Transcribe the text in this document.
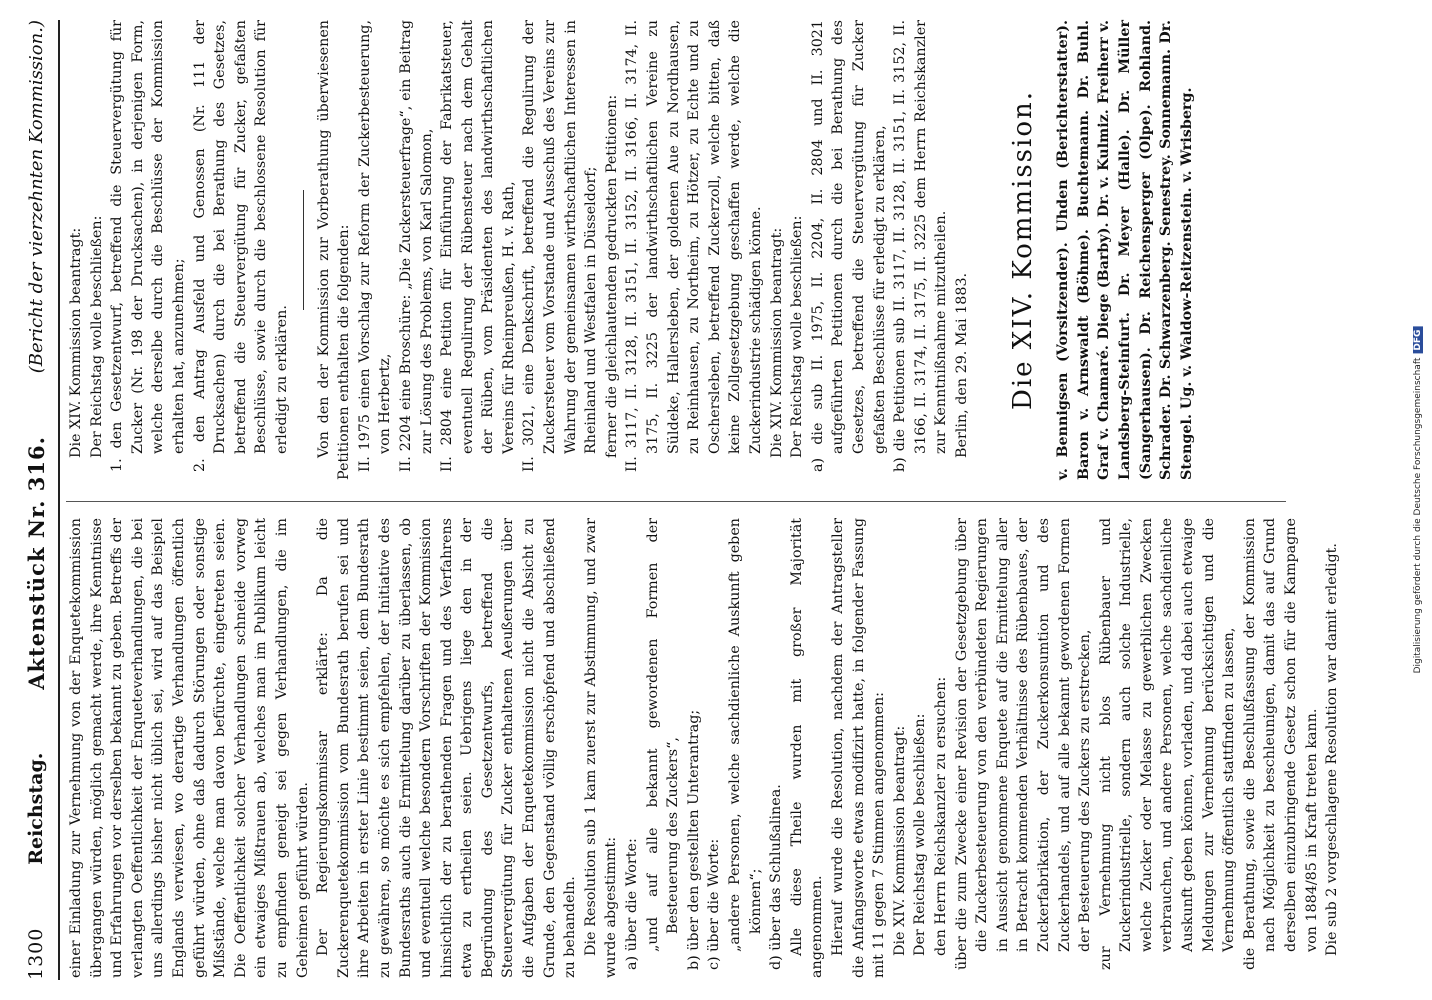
1300
Reichstag.
Aktenstück Nr. 316.
(Bericht der vierzehnten Kommission.)

einer Einladung zur Vernehmung von der Enquetekommission übergangen würden, möglich gemacht werde, ihre Kenntnisse und Erfahrungen vor derselben bekannt zu geben. Betreffs der verlangten Oeffentlichkeit der Enqueteverhandlungen, die bei uns allerdings bisher nicht üblich sei, wird auf das Beispiel Englands verwiesen, wo derartige Verhandlungen öffentlich geführt würden, ohne daß dadurch Störungen oder sonstige Mißstände, welche man davon befürchte, eingetreten seien. Die Oeffentlichkeit solcher Verhandlungen schneide vorweg ein etwaiges Mißtrauen ab, welches man im Publikum leicht zu empfinden geneigt sei gegen Verhandlungen, die im Geheimen geführt würden. Der Regierungskommissar erklärte: Da die Zuckerenquetekommission vom Bundesrath berufen sei und ihre Arbeiten in erster Linie bestimmt seien, dem Bundesrath zu gewähren, so möchte es sich empfehlen, der Initiative des Bundesraths auch die Ermittelung darüber zu überlassen, ob und eventuell welche besondern Vorschriften der Kommission hinsichtlich der zu berathenden Fragen und des Verfahrens etwa zu ertheilen seien. Uebrigens liege den in der Begründung des Gesetzentwurfs, betreffend die Steuervergütung für Zucker enthaltenen Aeußerungen über die Aufgaben der Enquetekommission nicht die Absicht zu Grunde, den Gegenstand völlig erschöpfend und abschließend zu behandeln. Die Resolution sub 1 kam zuerst zur Abstimmung, und zwar wurde abgestimmt: a) über die Worte: „und auf alle bekannt gewordenen Formen der Besteuerung des Zuckers“, b) über den gestellten Unterantrag; c) über die Worte: „andere Personen, welche sachdienliche Auskunft geben können“; d) über das Schlußalinea. Alle diese Theile wurden mit großer Majorität angenommen. Hierauf wurde die Resolution, nachdem der Antragsteller die Anfangsworte etwas modifizirt hatte, in folgender Fassung mit 11 gegen 7 Stimmen angenommen: Die XIV. Kommission beantragt: Der Reichstag wolle beschließen: den Herrn Reichskanzler zu ersuchen: über die zum Zwecke einer Revision der Gesetzgebung über die Zuckerbesteuerung von den verbündeten Regierungen in Aussicht genommene Enquete auf die Ermittelung aller in Betracht kommenden Verhältnisse des Rübenbaues, der Zuckerfabrikation, der Zuckerkonsumtion und des Zuckerhandels, und auf alle bekannt gewordenen Formen der Besteuerung des Zuckers zu erstrecken, zur Vernehmung nicht blos Rübenbauer und Zuckerindustrielle, sondern auch solche Industrielle, welche Zucker oder Melasse zu gewerblichen Zwecken verbrauchen, und andere Personen, welche sachdienliche Auskunft geben können, vorladen, und dabei auch etwaige Meldungen zur Vernehmung berücksichtigen und die Vernehmung öffentlich stattfinden zu lassen, die Berathung, sowie die Beschlußfassung der Kommission nach Möglichkeit zu beschleunigen, damit das auf Grund derselben einzubringende Gesetz schon für die Kampagne von 1884/85 in Kraft treten kann. Die sub 2 vorgeschlagene Resolution war damit erledigt.

Die XIV. Kommission beantragt: Der Reichstag wolle beschließen: 1. den Gesetzentwurf, betreffend die Steuervergütung für Zucker (Nr. 198 der Drucksachen), in derjenigen Form, welche derselbe durch die Beschlüsse der Kommission erhalten hat, anzunehmen; 2. den Antrag Ausfeld und Genossen (Nr. 111 der Drucksachen) durch die bei Berathung des Gesetzes, betreffend die Steuervergütung für Zucker, gefaßten Beschlüsse, sowie durch die beschlossene Resolution für erledigt zu erklären. Von den der Kommission zur Vorberathung überwiesenen Petitionen enthalten die folgenden: II. 1975 einen Vorschlag zur Reform der Zuckerbesteuerung, von Herbertz, II. 2204 eine Broschüre: „Die Zuckersteuerfrage“, ein Beitrag zur Lösung des Problems, von Karl Salomon, II. 2804 eine Petition für Einführung der Fabrikatsteuer, eventuell Regulirung der Rübensteuer nach dem Gehalt der Rüben, vom Präsidenten des landwirthschaftlichen Vereins für Rheinpreußen, H. v. Rath, II. 3021, eine Denkschrift, betreffend die Regulirung der Zuckersteuer vom Vorstande und Ausschuß des Vereins zur Wahrung der gemeinsamen wirthschaftlichen Interessen in Rheinland und Westfalen in Düsseldorf; ferner die gleichlautenden gedruckten Petitionen: II. 3117, II. 3128, II. 3151, II. 3152, II. 3166, II. 3174, II. 3175, II. 3225 der landwirthschaftlichen Vereine zu Süldeke, Hallersleben, der goldenen Aue zu Nordhausen, zu Reinhausen, zu Northeim, zu Hötzer, zu Echte und zu Oschersleben, betreffend Zuckerzoll, welche bitten, daß keine Zollgesetzgebung geschaffen werde, welche die Zuckerindustrie schädigen könne. Die XIV. Kommission beantragt: Der Reichstag wolle beschließen: a) die sub II. 1975, II. 2204, II. 2804 und II. 3021 aufgeführten Petitionen durch die bei Berathung des Gesetzes, betreffend die Steuervergütung für Zucker gefaßten Beschlüsse für erledigt zu erklären, b) die Petitionen sub II. 3117, II. 3128, II. 3151, II. 3152, II. 3166, II. 3174, II. 3175, II. 3225 dem Herrn Reichskanzler zur Kenntnißnahme mitzutheilen. Berlin, den 29. Mai 1883. Die XIV. Kommission. v. Bennigsen (Vorsitzender). Uhden (Berichterstatter). Baron v. Arnswaldt (Böhme). Buchtemann. Dr. Buhl. Graf v. Chamaré. Diege (Barby). Dr. v. Kulmiz. Freiherr v. Landsberg-Steinfurt. Dr. Meyer (Halle). Dr. Müller (Sangerhausen). Dr. Reichensperger (Olpe). Rohland. Schrader. Dr. Schwarzenberg. Senestrey. Sonnemann. Dr. Stengel. Ug. v. Waldow-Reitzenstein. v. Wrisberg.

Digitalisierung gefördert durch die Deutsche ForschungsgemeinschaftDFG
